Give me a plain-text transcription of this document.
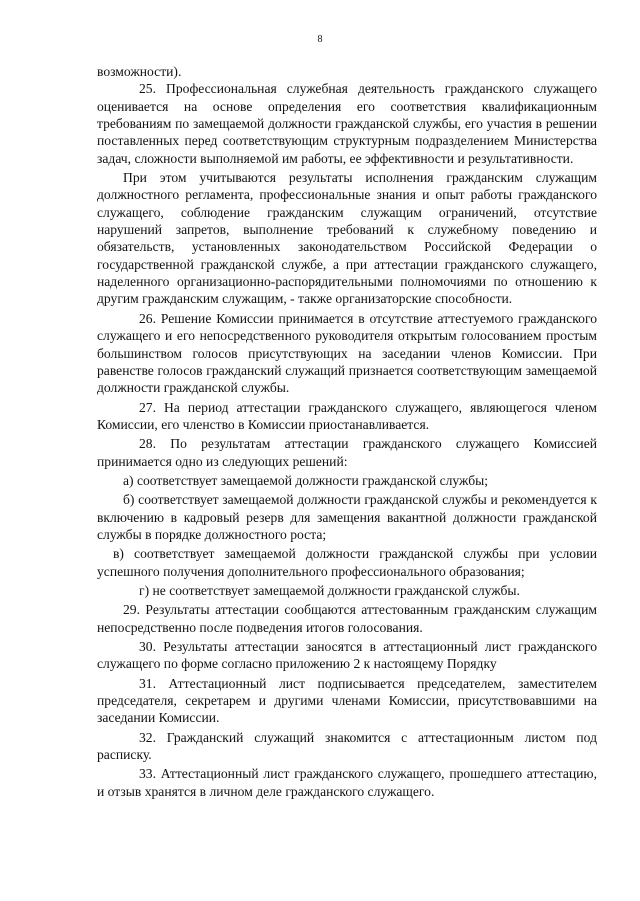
8

возможности).

25. Профессиональная служебная деятельность гражданского служащего оценивается на основе определения его соответствия квалификационным требованиям по замещаемой должности гражданской службы, его участия в решении поставленных перед соответствующим структурным подразделением Министерства задач, сложности выполняемой им работы, ее эффективности и результативности.

При этом учитываются результаты исполнения гражданским служащим должностного регламента, профессиональные знания и опыт работы гражданского служащего, соблюдение гражданским служащим ограничений, отсутствие нарушений запретов, выполнение требований к служебному поведению и обязательств, установленных законодательством Российской Федерации о государственной гражданской службе, а при аттестации гражданского служащего, наделенного организационно-распорядительными полномочиями по отношению к другим гражданским служащим, - также организаторские способности.

26. Решение Комиссии принимается в отсутствие аттестуемого гражданского служащего и его непосредственного руководителя открытым голосованием простым большинством голосов присутствующих на заседании членов Комиссии. При равенстве голосов гражданский служащий признается соответствующим замещаемой должности гражданской службы.

27. На период аттестации гражданского служащего, являющегося членом Комиссии, его членство в Комиссии приостанавливается.

28. По результатам аттестации гражданского служащего Комиссией принимается одно из следующих решений:

а) соответствует замещаемой должности гражданской службы;

б) соответствует замещаемой должности гражданской службы и рекомендуется к включению в кадровый резерв для замещения вакантной должности гражданской службы в порядке должностного роста;

в) соответствует замещаемой должности гражданской службы при условии успешного получения дополнительного профессионального образования;

г) не соответствует замещаемой должности гражданской службы.

29. Результаты аттестации сообщаются аттестованным гражданским служащим непосредственно после подведения итогов голосования.

30. Результаты аттестации заносятся в аттестационный лист гражданского служащего по форме согласно приложению 2 к настоящему Порядку

31. Аттестационный лист подписывается председателем, заместителем председателя, секретарем и другими членами Комиссии, присутствовавшими на заседании Комиссии.

32. Гражданский служащий знакомится с аттестационным листом под расписку.

33. Аттестационный лист гражданского служащего, прошедшего аттестацию, и отзыв хранятся в личном деле гражданского служащего.
